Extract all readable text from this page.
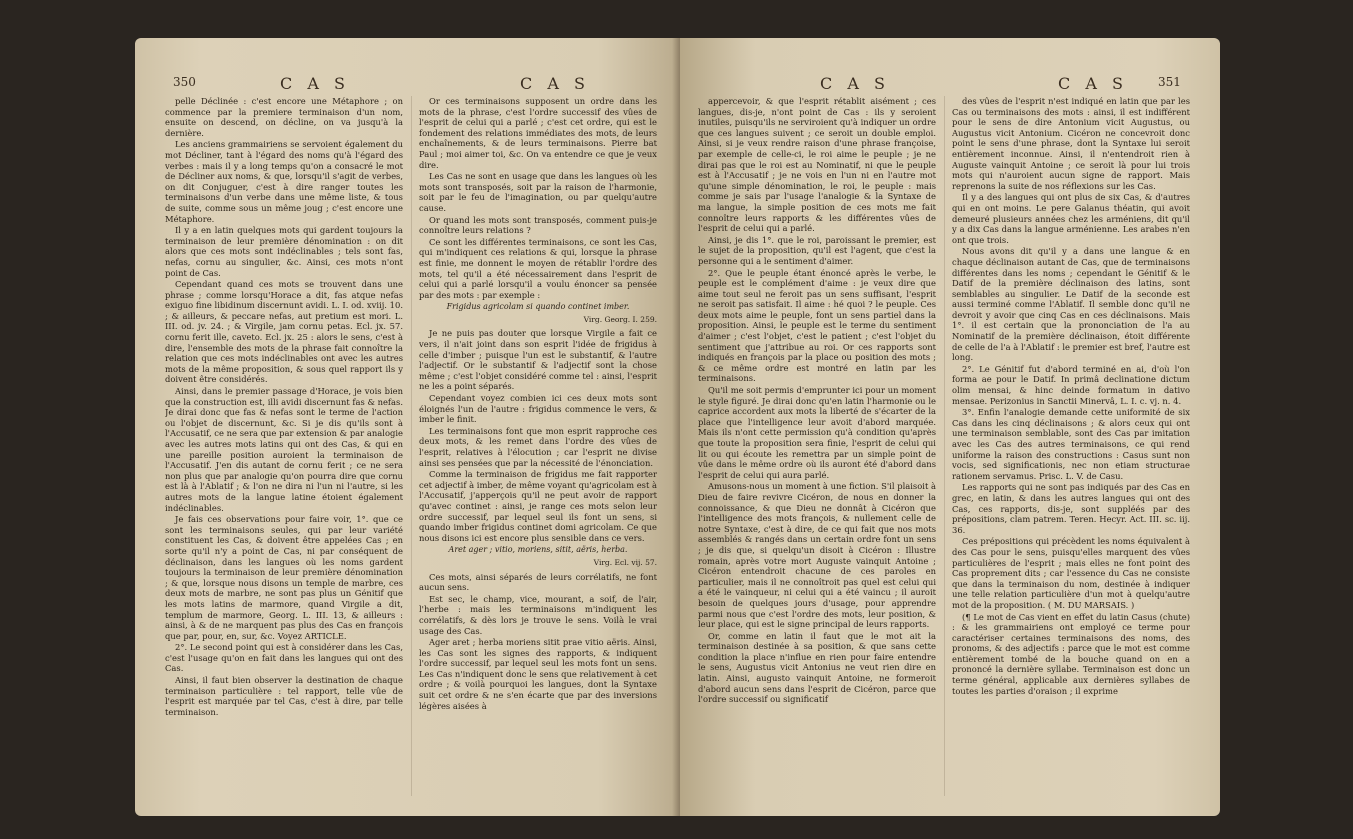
350	C A S	C A S

pelle Déclinée : c'est encore une Métaphore ; on commence par la premiere terminaison d'un nom, ensuite on descend, on décline, on va jusqu'à la dernière.

Les anciens grammairiens se servoient également du mot Décliner, tant à l'égard des noms qu'à l'égard des verbes : mais il y a long temps qu'on a consacré le mot de Décliner aux noms, & que, lorsqu'il s'agit de verbes, on dit Conjuguer, c'est à dire ranger toutes les terminaisons d'un verbe dans une même liste, & tous de suite, comme sous un même joug ; c'est encore une Métaphore.

Il y a en latin quelques mots qui gardent toujours la terminaison de leur première dénomination : on dit alors que ces mots sont indéclinables ; tels sont fas, nefas, cornu au singulier, &c. Ainsi, ces mots n'ont point de Cas.

Cependant quand ces mots se trouvent dans une phrase ; comme lorsqu'Horace a dit, fas atque nefas exiguo fine libidinum discernunt avidi. L. I. od. xviij. 10. ; & ailleurs, & peccare nefas, aut pretium est mori. L. III. od. jv. 24. ; & Virgile, jam cornu petas. Ecl. jx. 57. cornu ferit ille, caveto. Ecl. jx. 25 : alors le sens, c'est à dire, l'ensemble des mots de la phrase fait connoître la relation que ces mots indéclinables ont avec les autres mots de la même proposition, & sous quel rapport ils y doivent être considérés.

Ainsi, dans le premier passage d'Horace, je vois bien que la construction est, illi avidi discernunt fas & nefas. Je dirai donc que fas & nefas sont le terme de l'action ou l'objet de discernunt, &c. Si je dis qu'ils sont à l'Accusatif, ce ne sera que par extension & par analogie avec les autres mots latins qui ont des Cas, & qui en une pareille position auroient la terminaison de l'Accusatif. J'en dis autant de cornu ferit ; ce ne sera non plus que par analogie qu'on pourra dire que cornu est là à l'Ablatif ; & l'on ne dira ni l'un ni l'autre, si les autres mots de la langue latine étoient également indéclinables.

Je fais ces observations pour faire voir, 1°. que ce sont les terminaisons seules, qui par leur variété constituent les Cas, & doivent être appelées Cas ; en sorte qu'il n'y a point de Cas, ni par conséquent de déclinaison, dans les langues où les noms gardent toujours la terminaison de leur première dénomination ; & que, lorsque nous disons un temple de marbre, ces deux mots de marbre, ne sont pas plus un Génitif que les mots latins de marmore, quand Virgile a dit, templum de marmore, Georg. L. III. 13, & ailleurs : ainsi, à & de ne marquent pas plus des Cas en françois que par, pour, en, sur, &c. Voyez ARTICLE.

2°. Le second point qui est à considérer dans les Cas, c'est l'usage qu'on en fait dans les langues qui ont des Cas.

Ainsi, il faut bien observer la destination de chaque terminaison particulière : tel rapport, telle vûe de l'esprit est marquée par tel Cas, c'est à dire, par telle terminaison.

Or ces terminaisons supposent un ordre dans les mots de la phrase, c'est l'ordre successif des vûes de l'esprit de celui qui a parlé ; c'est cet ordre, qui est le fondement des relations immédiates des mots, de leurs enchaînements, & de leurs terminaisons. Pierre bat Paul ; moi aimer toi, &c. On va entendre ce que je veux dire.

Les Cas ne sont en usage que dans les langues où les mots sont transposés, soit par la raison de l'harmonie, soit par le feu de l'imagination, ou par quelqu'autre cause.

Or quand les mots sont transposés, comment puis-je connoître leurs relations ?

Ce sont les différentes terminaisons, ce sont les Cas, qui m'indiquent ces relations & qui, lorsque la phrase est finie, me donnent le moyen de rétablir l'ordre des mots, tel qu'il a été nécessairement dans l'esprit de celui qui a parlé lorsqu'il a voulu énoncer sa pensée par des mots : par exemple :

Frigidus agricolam si quando continet imber.

Virg. Georg. I. 259.

Je ne puis pas douter que lorsque Virgile a fait ce vers, il n'ait joint dans son esprit l'idée de frigidus à celle d'imber ; puisque l'un est le substantif, & l'autre l'adjectif. Or le substantif & l'adjectif sont la chose même ; c'est l'objet considéré comme tel : ainsi, l'esprit ne les a point séparés.

Cependant voyez combien ici ces deux mots sont éloignés l'un de l'autre : frigidus commence le vers, & imber le finit.

Les terminaisons font que mon esprit rapproche ces deux mots, & les remet dans l'ordre des vûes de l'esprit, relatives à l'élocution ; car l'esprit ne divise ainsi ses pensées que par la nécessité de l'énonciation.

Comme la terminaison de frigidus me fait rapporter cet adjectif à imber, de même voyant qu'agricolam est à l'Accusatif, j'apperçois qu'il ne peut avoir de rapport qu'avec continet : ainsi, je range ces mots selon leur ordre successif, par lequel seul ils font un sens, si quando imber frigidus continet domi agricolam. Ce que nous disons ici est encore plus sensible dans ce vers.

Aret ager ; vitio, moriens, sitit, aëris, herba.

Virg. Ecl. vij. 57.

Ces mots, ainsi séparés de leurs corrélatifs, ne font aucun sens.

Est sec, le champ, vice, mourant, a soif, de l'air, l'herbe : mais les terminaisons m'indiquent les corrélatifs, & dès lors je trouve le sens. Voilà le vrai usage des Cas.

Ager aret ; herba moriens sitit prae vitio aëris. Ainsi, les Cas sont les signes des rapports, & indiquent l'ordre successif, par lequel seul les mots font un sens. Les Cas n'indiquent donc le sens que relativement à cet ordre ; & voilà pourquoi les langues, dont la Syntaxe suit cet ordre & ne s'en écarte que par des inversions légères aisées à

C A S	C A S	351

appercevoir, & que l'esprit rétablit aisément ; ces langues, dis-je, n'ont point de Cas : ils y seroient inutiles, puisqu'ils ne serviroient qu'à indiquer un ordre que ces langues suivent ; ce seroit un double emploi. Ainsi, si je veux rendre raison d'une phrase françoise, par exemple de celle-ci, le roi aime le peuple ; je ne dirai pas que le roi est au Nominatif, ni que le peuple est à l'Accusatif ; je ne vois en l'un ni en l'autre mot qu'une simple dénomination, le roi, le peuple : mais comme je sais par l'usage l'analogie & la Syntaxe de ma langue, la simple position de ces mots me fait connoître leurs rapports & les différentes vûes de l'esprit de celui qui a parlé.

Ainsi, je dis 1°. que le roi, paroissant le premier, est le sujet de la proposition, qu'il est l'agent, que c'est la personne qui a le sentiment d'aimer.

2°. Que le peuple étant énoncé après le verbe, le peuple est le complément d'aime : je veux dire que aime tout seul ne feroit pas un sens suffisant, l'esprit ne seroit pas satisfait. Il aime : hé quoi ? le peuple. Ces deux mots aime le peuple, font un sens partiel dans la proposition. Ainsi, le peuple est le terme du sentiment d'aimer ; c'est l'objet, c'est le patient ; c'est l'objet du sentiment que j'attribue au roi. Or ces rapports sont indiqués en françois par la place ou position des mots ; & ce même ordre est montré en latin par les terminaisons.

Qu'il me soit permis d'emprunter ici pour un moment le style figuré. Je dirai donc qu'en latin l'harmonie ou le caprice accordent aux mots la liberté de s'écarter de la place que l'intelligence leur avoit d'abord marquée. Mais ils n'ont cette permission qu'à condition qu'après que toute la proposition sera finie, l'esprit de celui qui lit ou qui écoute les remettra par un simple point de vûe dans le même ordre où ils auront été d'abord dans l'esprit de celui qui aura parlé.

Amusons-nous un moment à une fiction. S'il plaisoit à Dieu de faire revivre Cicéron, de nous en donner la connoissance, & que Dieu ne donnât à Cicéron que l'intelligence des mots françois, & nullement celle de notre Syntaxe, c'est à dire, de ce qui fait que nos mots assemblés & rangés dans un certain ordre font un sens ; je dis que, si quelqu'un disoit à Cicéron : Illustre romain, après votre mort Auguste vainquit Antoine ; Cicéron entendroit chacune de ces paroles en particulier, mais il ne connoîtroit pas quel est celui qui a été le vainqueur, ni celui qui a été vaincu ; il auroit besoin de quelques jours d'usage, pour apprendre parmi nous que c'est l'ordre des mots, leur position, & leur place, qui est le signe principal de leurs rapports.

Or, comme en latin il faut que le mot ait la terminaison destinée à sa position, & que sans cette condition la place n'influe en rien pour faire entendre le sens, Augustus vicit Antonius ne veut rien dire en latin. Ainsi, augusto vainquit Antoine, ne formeroit d'abord aucun sens dans l'esprit de Cicéron, parce que l'ordre successif ou significatif

des vûes de l'esprit n'est indiqué en latin que par les Cas ou terminaisons des mots : ainsi, il est indifférent pour le sens de dire Antonium vicit Augustus, ou Augustus vicit Antonium. Cicéron ne concevroit donc point le sens d'une phrase, dont la Syntaxe lui seroit entièrement inconnue. Ainsi, il n'entendroit rien à Auguste vainquit Antoine ; ce seroit là pour lui trois mots qui n'auroient aucun signe de rapport. Mais reprenons la suite de nos réflexions sur les Cas.

Il y a des langues qui ont plus de six Cas, & d'autres qui en ont moins. Le pere Galanus théatin, qui avoit demeuré plusieurs années chez les arméniens, dit qu'il y a dix Cas dans la langue arménienne. Les arabes n'en ont que trois.

Nous avons dit qu'il y a dans une langue & en chaque déclinaison autant de Cas, que de terminaisons différentes dans les noms ; cependant le Génitif & le Datif de la première déclinaison des latins, sont semblables au singulier. Le Datif de la seconde est aussi terminé comme l'Ablatif. Il semble donc qu'il ne devroit y avoir que cinq Cas en ces déclinaisons. Mais 1°. il est certain que la prononciation de l'a au Nominatif de la première déclinaison, étoit différente de celle de l'a à l'Ablatif : le premier est bref, l'autre est long.

2°. Le Génitif fut d'abord terminé en ai, d'où l'on forma ae pour le Datif. In primâ declinatione dictum olim mensai, & hinc deinde formatum in dativo mensae. Perizonius in Sanctii Minervâ, L. I. c. vj. n. 4.

3°. Enfin l'analogie demande cette uniformité de six Cas dans les cinq déclinaisons ; & alors ceux qui ont une terminaison semblable, sont des Cas par imitation avec les Cas des autres terminaisons, ce qui rend uniforme la raison des constructions : Casus sunt non vocis, sed significationis, nec non etiam structurae rationem servamus. Prisc. L. V. de Casu.

Les rapports qui ne sont pas indiqués par des Cas en grec, en latin, & dans les autres langues qui ont des Cas, ces rapports, dis-je, sont suppléés par des prépositions, clam patrem. Teren. Hecyr. Act. III. sc. iij. 36.

Ces prépositions qui précèdent les noms équivalent à des Cas pour le sens, puisqu'elles marquent des vûes particulières de l'esprit ; mais elles ne font point des Cas proprement dits ; car l'essence du Cas ne consiste que dans la terminaison du nom, destinée à indiquer une telle relation particulière d'un mot à quelqu'autre mot de la proposition. ( M. DU MARSAIS. )

(¶ Le mot de Cas vient en effet du latin Casus (chute) : & les grammairiens ont employé ce terme pour caractériser certaines terminaisons des noms, des pronoms, & des adjectifs : parce que le mot est comme entièrement tombé de la bouche quand on en a prononcé la dernière syllabe. Terminaison est donc un terme général, applicable aux dernières syllabes de toutes les parties d'oraison ; il exprime
